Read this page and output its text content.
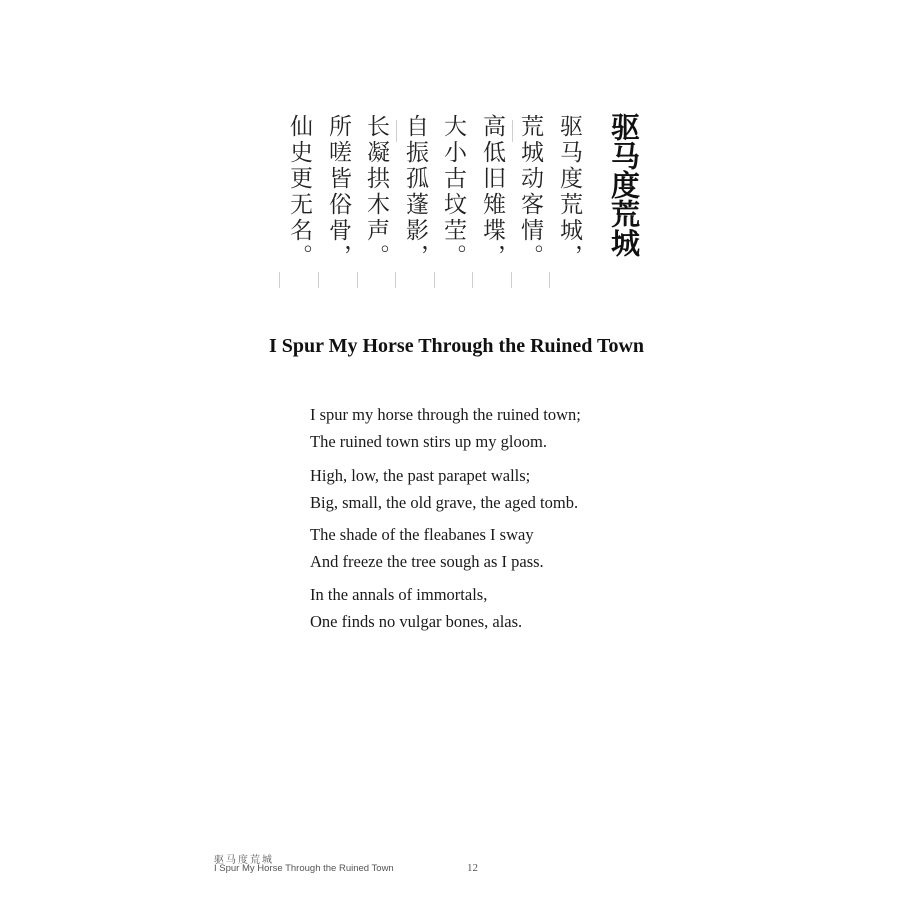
驱马度荒城
驱马度荒城，
荒城动客情。
高低旧雉堞，
大小古坟茔。
自振孤蓬影，
长凝拱木声。
所嗟皆俗骨，
仙史更无名。
I Spur My Horse Through the Ruined Town
I spur my horse through the ruined town;
The ruined town stirs up my gloom.
High, low, the past parapet walls;
Big, small, the old grave, the aged tomb.
The shade of the fleabanes I sway
And freeze the tree sough as I pass.
In the annals of immortals,
One finds no vulgar bones, alas.
驱马度荒城
I Spur My Horse Through the Ruined Town	12
